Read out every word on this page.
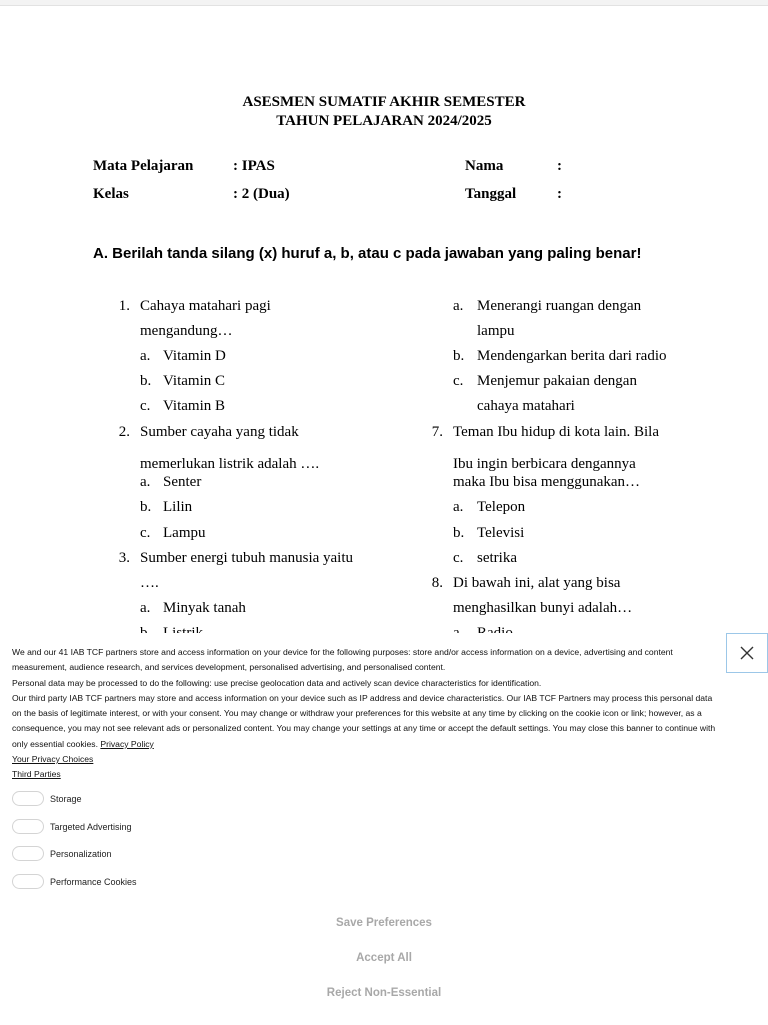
ASESMEN SUMATIF AKHIR SEMESTER
TAHUN PELAJARAN 2024/2025
Mata Pelajaran	: IPAS	Nama	:
Kelas	: 2 (Dua)	Tanggal	:
A. Berilah tanda silang (x) huruf a, b, atau c pada jawaban yang paling benar!
1. Cahaya matahari pagi
mengandung…
a. Vitamin D
b. Vitamin C
c. Vitamin B
2. Sumber cayaha yang tidak
memerlukan listrik adalah ….
a. Senter
b. Lilin
c. Lampu
3. Sumber energi tubuh manusia yaitu
….
a. Minyak tanah
a. Menerangi ruangan dengan
lampu
b. Mendengarkan berita dari radio
c. Menjemur pakaian dengan
cahaya matahari
7. Teman Ibu hidup di kota lain. Bila
Ibu ingin berbicara dengannya
maka Ibu bisa menggunakan…
a. Telepon
b. Televisi
c. setrika
8. Di bawah ini, alat yang bisa
menghasilkan bunyi adalah…

We and our 41 IAB TCF partners store and access information on your device for the following purposes: store and/or access information on a device, advertising and content measurement, audience research, and services development, personalised advertising, and personalised content.

Personal data may be processed to do the following: use precise geolocation data and actively scan device characteristics for identification.

Our third party IAB TCF partners may store and access information on your device such as IP address and device characteristics. Our IAB TCF Partners may process this personal data on the basis of legitimate interest, or with your consent. You may change or withdraw your preferences for this website at any time by clicking on the cookie icon or link; however, as a consequence, you may not see relevant ads or personalized content. You may change your settings at any time or accept the default settings. You may close this banner to continue with only essential cookies. Privacy Policy

Your Privacy Choices

Third Parties

Storage
Targeted Advertising
Personalization
Performance Cookies
Save Preferences
Accept All
Reject Non-Essential
